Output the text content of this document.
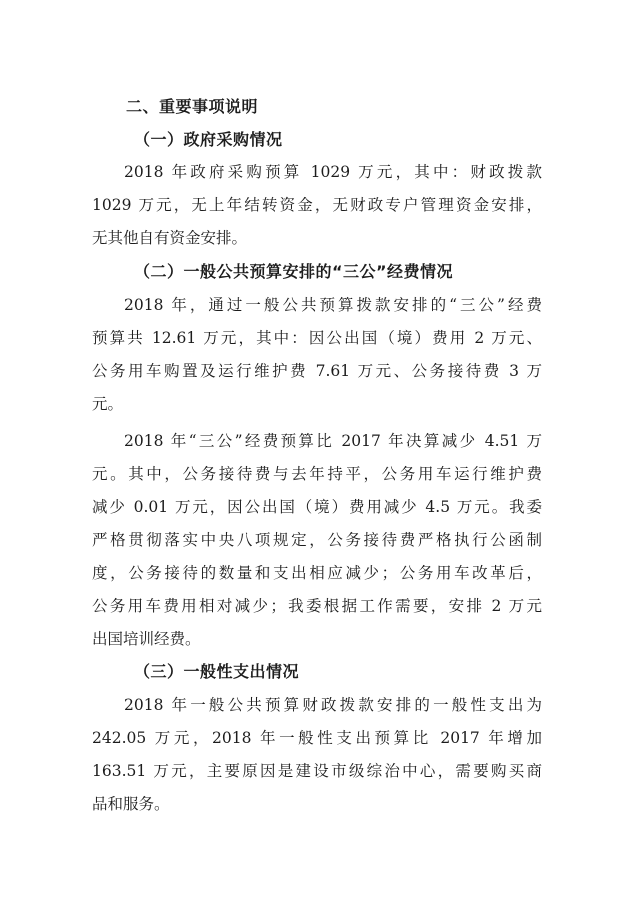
二、重要事项说明
（一）政府采购情况
2018 年政府采购预算 1029 万元，其中：财政拨款
1029 万元，无上年结转资金，无财政专户管理资金安排，
无其他自有资金安排。
（二）一般公共预算安排的“三公”经费情况
2018 年，通过一般公共预算拨款安排的“三公”经费
预算共 12.61 万元，其中：因公出国（境）费用 2 万元、
公务用车购置及运行维护费 7.61 万元、公务接待费 3 万
元。
2018 年“三公”经费预算比 2017 年决算减少 4.51 万
元。其中，公务接待费与去年持平，公务用车运行维护费
减少 0.01 万元，因公出国（境）费用减少 4.5 万元。我委
严格贯彻落实中央八项规定，公务接待费严格执行公函制
度，公务接待的数量和支出相应减少；公务用车改革后，
公务用车费用相对减少；我委根据工作需要，安排 2 万元
出国培训经费。
（三）一般性支出情况
2018 年一般公共预算财政拨款安排的一般性支出为
242.05 万元，2018 年一般性支出预算比 2017 年增加
163.51 万元，主要原因是建设市级综治中心，需要购买商
品和服务。
